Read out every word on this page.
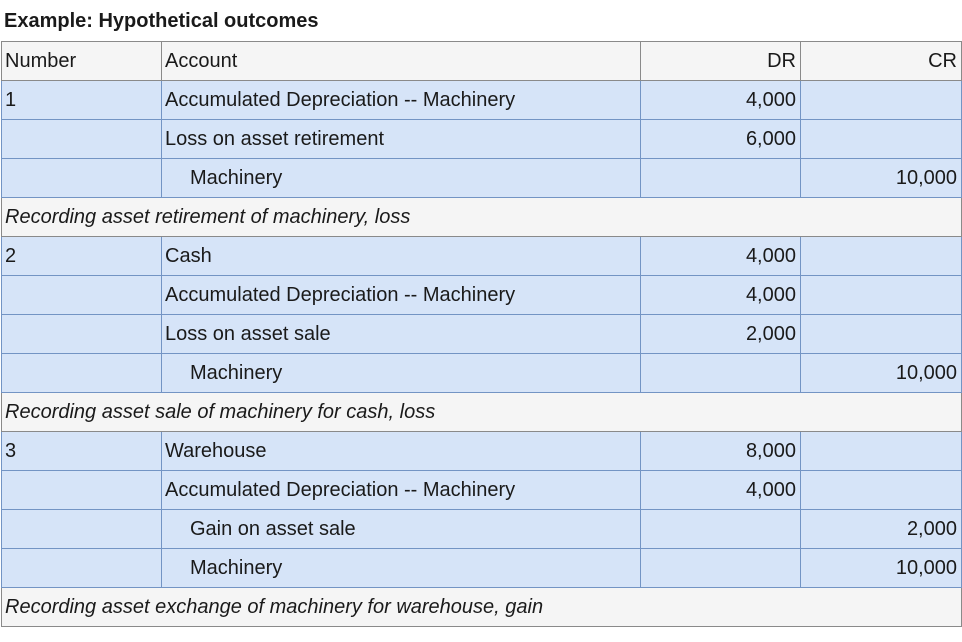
Example: Hypothetical outcomes
Number	Account	DR	CR
1	Accumulated Depreciation -- Machinery	4,000	
	Loss on asset retirement	6,000	
	Machinery		10,000
Recording asset retirement of machinery, loss			
2	Cash	4,000	
	Accumulated Depreciation -- Machinery	4,000	
	Loss on asset sale	2,000	
	Machinery		10,000
Recording asset sale of machinery for cash, loss			
3	Warehouse	8,000	
	Accumulated Depreciation -- Machinery	4,000	
	Gain on asset sale		2,000
	Machinery		10,000
Recording asset exchange of machinery for warehouse, gain			
